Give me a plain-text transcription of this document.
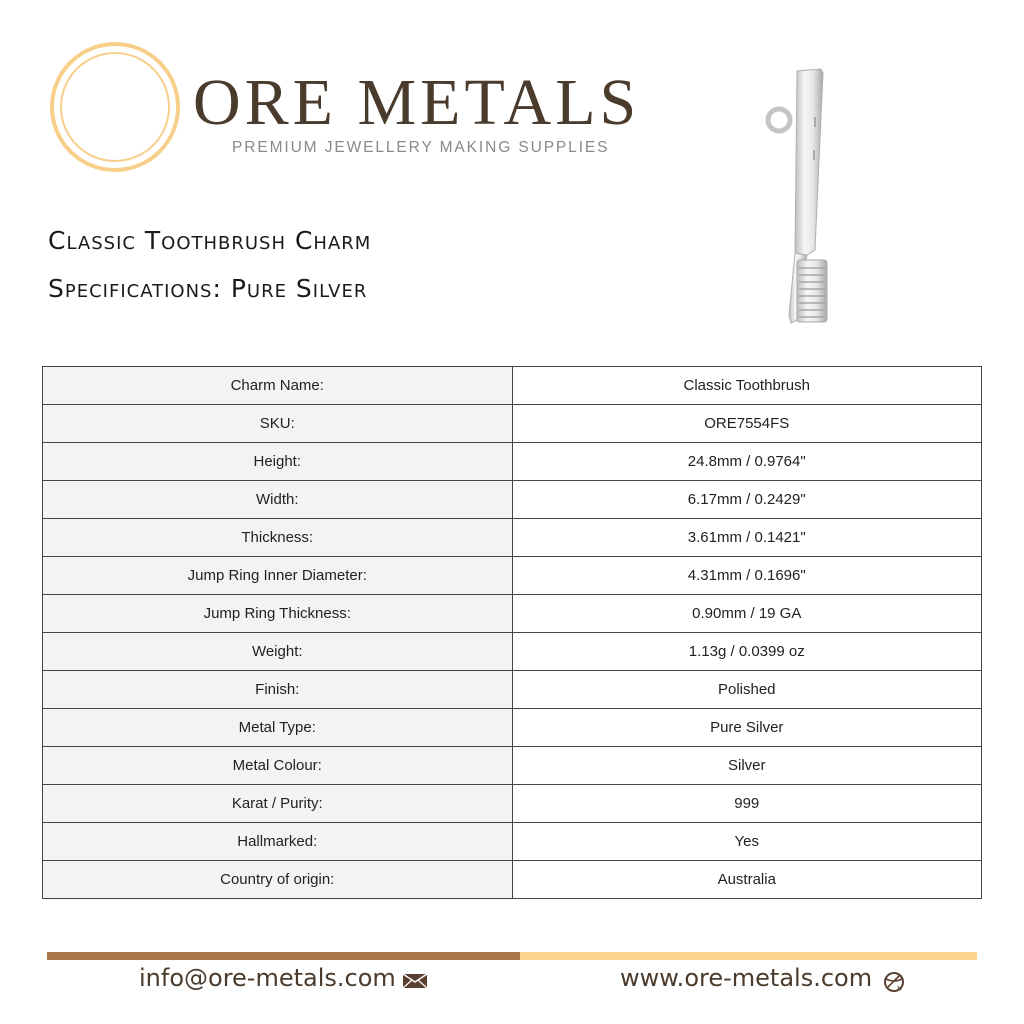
ORE METALS
PREMIUM JEWELLERY MAKING SUPPLIES
Classic Toothbrush Charm
Specifications: Pure Silver
Charm Name:	Classic Toothbrush
SKU:	ORE7554FS
Height:	24.8mm / 0.9764"
Width:	6.17mm / 0.2429"
Thickness:	3.61mm / 0.1421"
Jump Ring Inner Diameter:	4.31mm / 0.1696"
Jump Ring Thickness:	0.90mm / 19 GA
Weight:	1.13g / 0.0399 oz
Finish:	Polished
Metal Type:	Pure Silver
Metal Colour:	Silver
Karat / Purity:	999
Hallmarked:	Yes
Country of origin:	Australia
info@ore-metals.com	www.ore-metals.com
